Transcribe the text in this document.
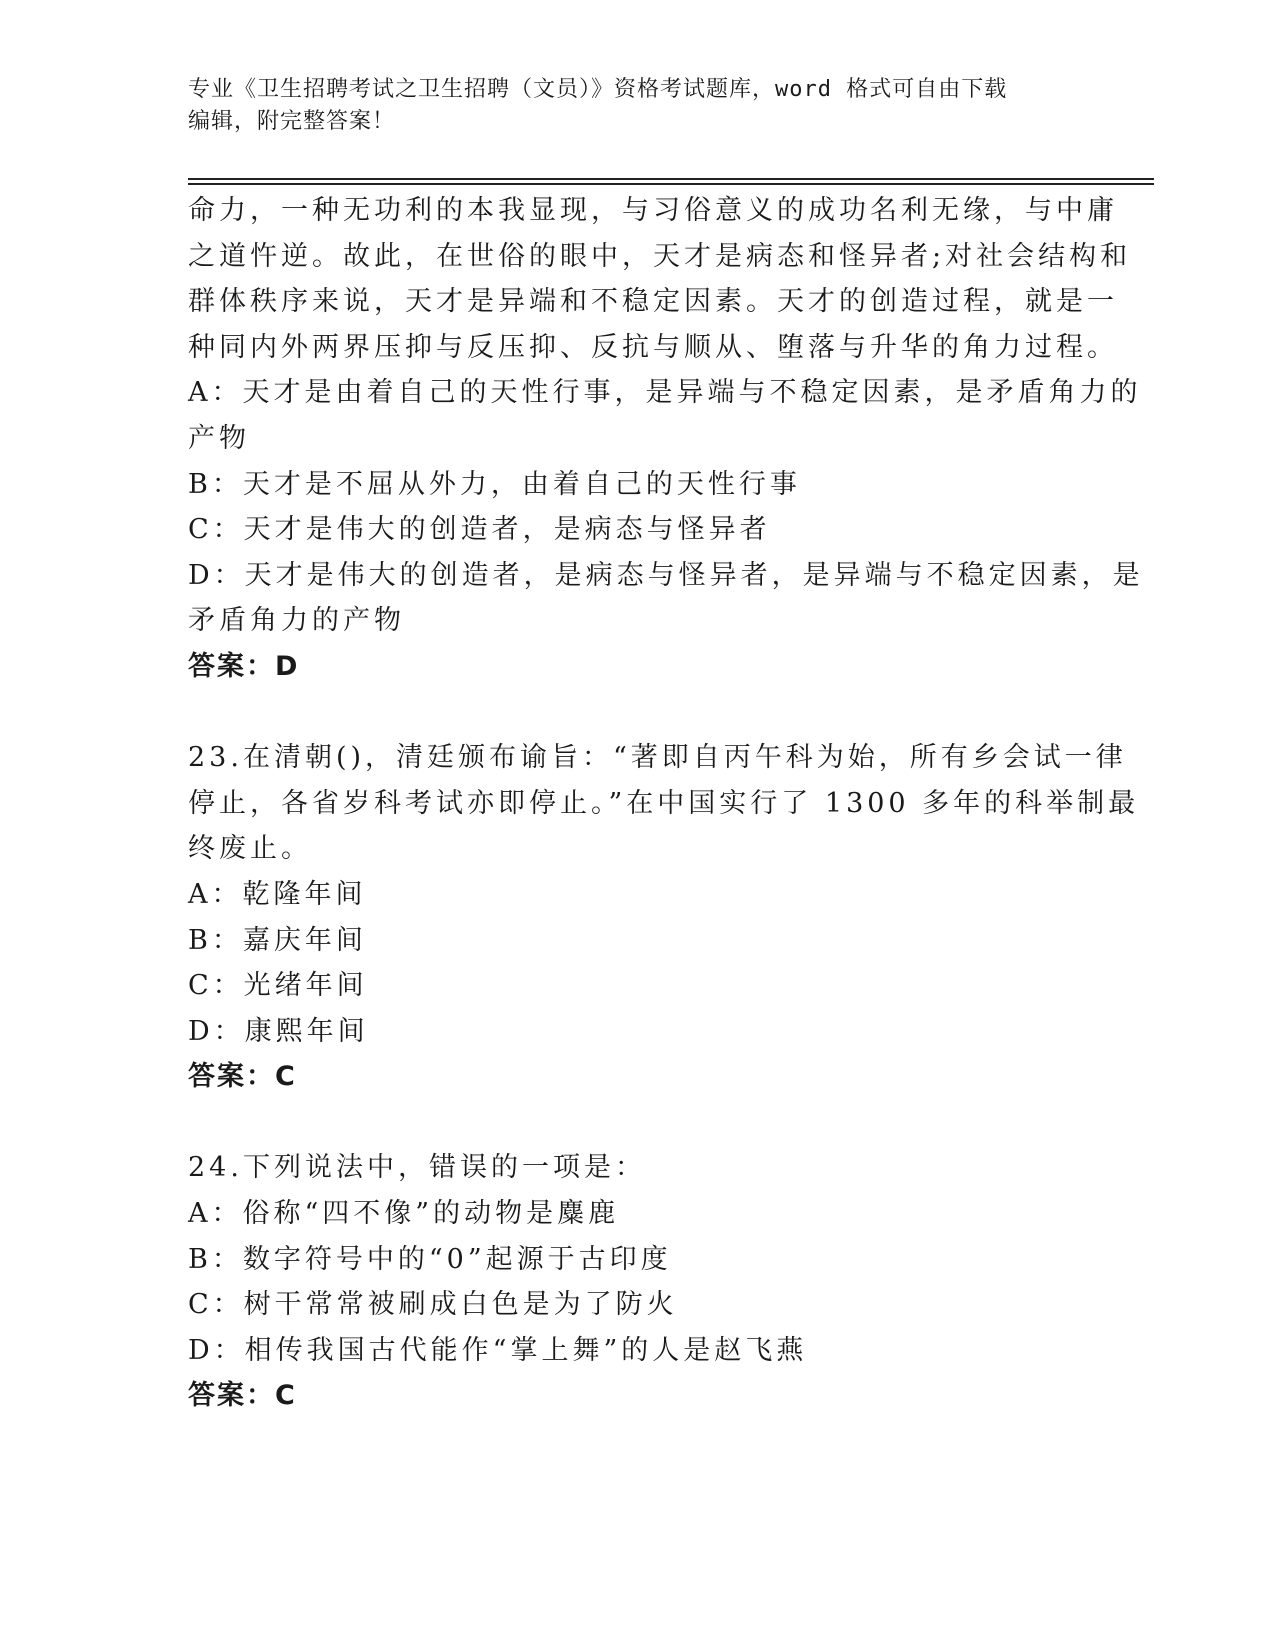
专业《卫生招聘考试之卫生招聘（文员）》资格考试题库，word 格式可自由下载
编辑，附完整答案！
命力，一种无功利的本我显现，与习俗意义的成功名利无缘，与中庸
之道忤逆。故此，在世俗的眼中，天才是病态和怪异者;对社会结构和
群体秩序来说，天才是异端和不稳定因素。天才的创造过程，就是一
种同内外两界压抑与反压抑、反抗与顺从、堕落与升华的角力过程。
A：天才是由着自己的天性行事，是异端与不稳定因素，是矛盾角力的
产物
B：天才是不屈从外力，由着自己的天性行事
C：天才是伟大的创造者，是病态与怪异者
D：天才是伟大的创造者，是病态与怪异者，是异端与不稳定因素，是
矛盾角力的产物
答案：D
23.在清朝()，清廷颁布谕旨：“著即自丙午科为始，所有乡会试一律
停止，各省岁科考试亦即停止。”在中国实行了 1300 多年的科举制最
终废止。
A：乾隆年间
B：嘉庆年间
C：光绪年间
D：康熙年间
答案：C
24.下列说法中，错误的一项是：
A：俗称“四不像”的动物是麋鹿
B：数字符号中的“0”起源于古印度
C：树干常常被刷成白色是为了防火
D：相传我国古代能作“掌上舞”的人是赵飞燕
答案：C
